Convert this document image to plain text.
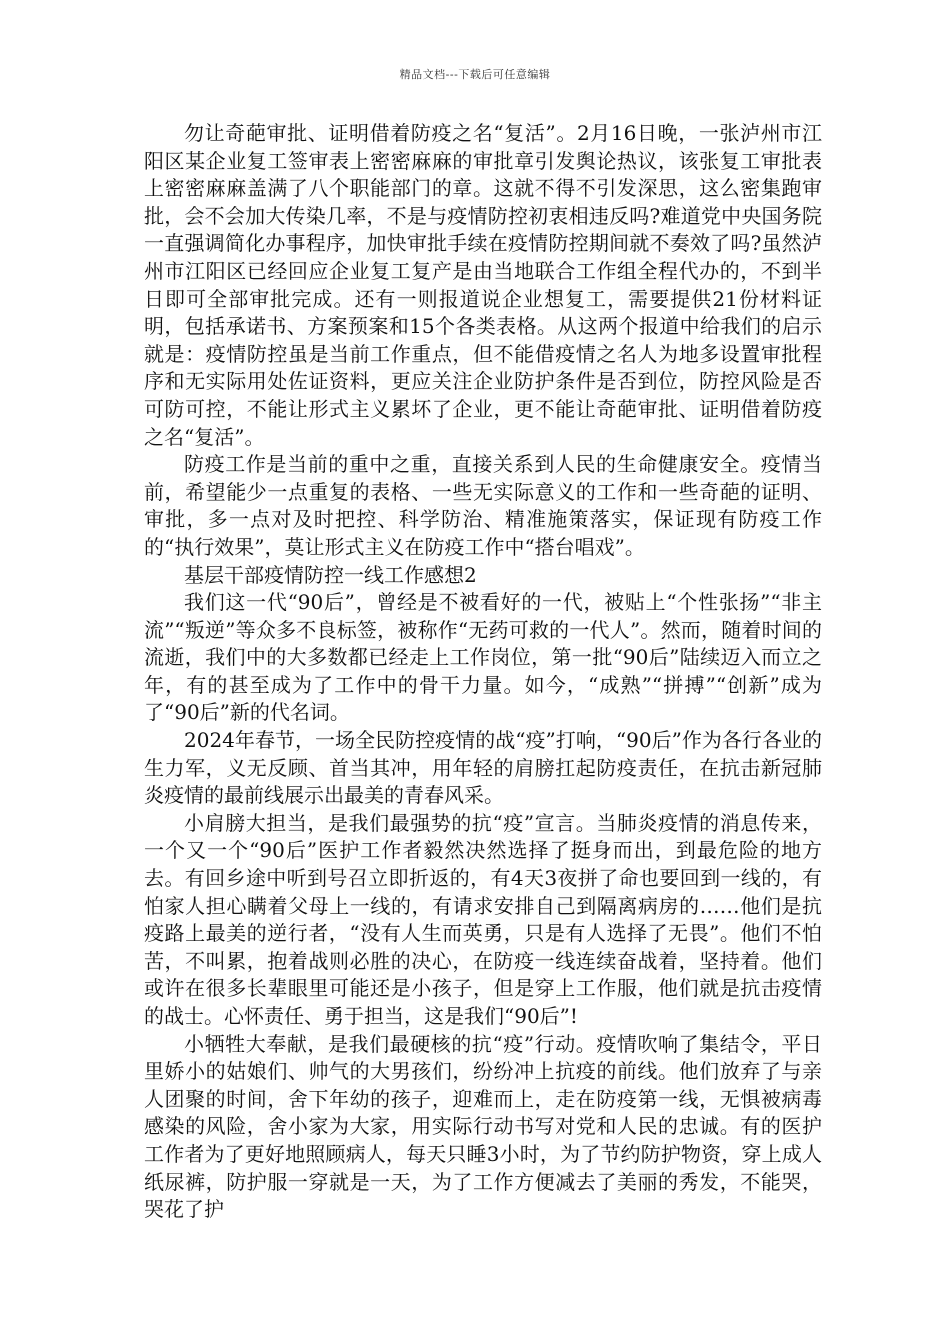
精品文档---下载后可任意编辑

勿让奇葩审批、证明借着防疫之名“复活”。2月16日晚，一张泸州市江阳区某企业复工签审表上密密麻麻的审批章引发舆论热议，该张复工审批表上密密麻麻盖满了八个职能部门的章。这就不得不引发深思，这么密集跑审批，会不会加大传染几率，不是与疫情防控初衷相违反吗?难道党中央国务院一直强调简化办事程序，加快审批手续在疫情防控期间就不奏效了吗?虽然泸州市江阳区已经回应企业复工复产是由当地联合工作组全程代办的，不到半日即可全部审批完成。还有一则报道说企业想复工，需要提供21份材料证明，包括承诺书、方案预案和15个各类表格。从这两个报道中给我们的启示就是：疫情防控虽是当前工作重点，但不能借疫情之名人为地多设置审批程序和无实际用处佐证资料，更应关注企业防护条件是否到位，防控风险是否可防可控，不能让形式主义累坏了企业，更不能让奇葩审批、证明借着防疫之名“复活”。

防疫工作是当前的重中之重，直接关系到人民的生命健康安全。疫情当前，希望能少一点重复的表格、一些无实际意义的工作和一些奇葩的证明、审批，多一点对及时把控、科学防治、精准施策落实，保证现有防疫工作的“执行效果”，莫让形式主义在防疫工作中“搭台唱戏”。

基层干部疫情防控一线工作感想2

我们这一代“90后”，曾经是不被看好的一代，被贴上“个性张扬”“非主流”“叛逆”等众多不良标签，被称作“无药可救的一代人”。然而，随着时间的流逝，我们中的大多数都已经走上工作岗位，第一批“90后”陆续迈入而立之年，有的甚至成为了工作中的骨干力量。如今，“成熟”“拼搏”“创新”成为了“90后”新的代名词。

2024年春节，一场全民防控疫情的战“疫”打响，“90后”作为各行各业的生力军，义无反顾、首当其冲，用年轻的肩膀扛起防疫责任，在抗击新冠肺炎疫情的最前线展示出最美的青春风采。

小肩膀大担当，是我们最强势的抗“疫”宣言。当肺炎疫情的消息传来，一个又一个“90后”医护工作者毅然决然选择了挺身而出，到最危险的地方去。有回乡途中听到号召立即折返的，有4天3夜拼了命也要回到一线的，有怕家人担心瞒着父母上一线的，有请求安排自己到隔离病房的……他们是抗疫路上最美的逆行者，“没有人生而英勇，只是有人选择了无畏”。他们不怕苦，不叫累，抱着战则必胜的决心，在防疫一线连续奋战着，坚持着。他们或许在很多长辈眼里可能还是小孩子，但是穿上工作服，他们就是抗击疫情的战士。心怀责任、勇于担当，这是我们“90后”!

小牺牲大奉献，是我们最硬核的抗“疫”行动。疫情吹响了集结令，平日里娇小的姑娘们、帅气的大男孩们，纷纷冲上抗疫的前线。他们放弃了与亲人团聚的时间，舍下年幼的孩子，迎难而上，走在防疫第一线，无惧被病毒感染的风险，舍小家为大家，用实际行动书写对党和人民的忠诚。有的医护工作者为了更好地照顾病人，每天只睡3小时，为了节约防护物资，穿上成人纸尿裤，防护服一穿就是一天，为了工作方便减去了美丽的秀发，不能哭，哭花了护
